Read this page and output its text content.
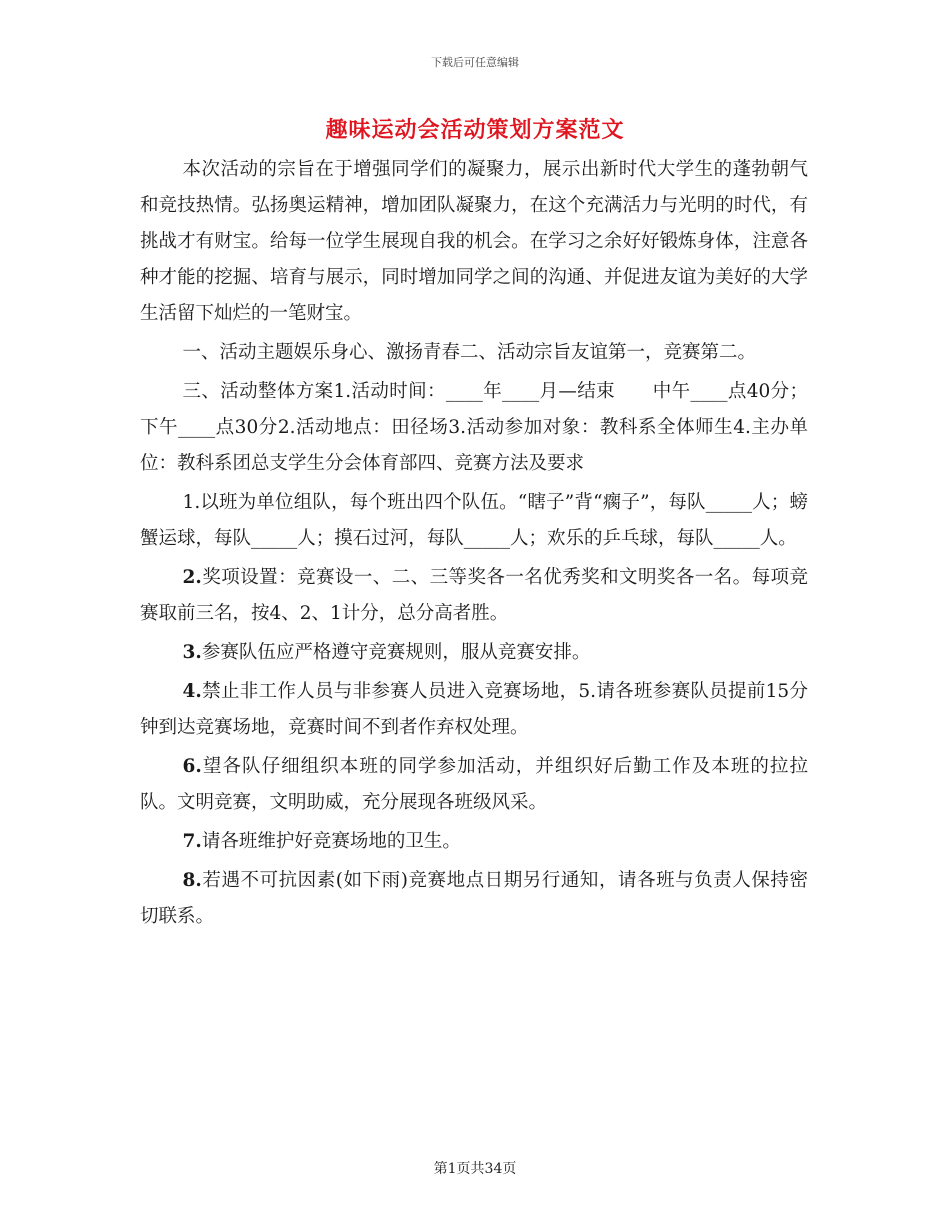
下载后可任意编辑
趣味运动会活动策划方案范文

本次活动的宗旨在于增强同学们的凝聚力，展示出新时代大学生的蓬勃朝气和竞技热情。弘扬奥运精神，增加团队凝聚力，在这个充满活力与光明的时代，有挑战才有财宝。给每一位学生展现自我的机会。在学习之余好好锻炼身体，注意各种才能的挖掘、培育与展示，同时增加同学之间的沟通、并促进友谊为美好的大学生活留下灿烂的一笔财宝。

一、活动主题娱乐身心、激扬青春二、活动宗旨友谊第一，竞赛第二。

三、活动整体方案1.活动时间：____年____月—结束　　中午____点40分；下午____点30分2.活动地点：田径场3.活动参加对象：教科系全体师生4.主办单位：教科系团总支学生分会体育部四、竞赛方法及要求

1.以班为单位组队，每个班出四个队伍。“瞎子”背“瘸子”，每队_____人；螃蟹运球，每队_____人；摸石过河，每队_____人；欢乐的乒乓球，每队_____人。

2.奖项设置：竞赛设一、二、三等奖各一名优秀奖和文明奖各一名。每项竞赛取前三名，按4、2、1计分，总分高者胜。

3.参赛队伍应严格遵守竞赛规则，服从竞赛安排。

4.禁止非工作人员与非参赛人员进入竞赛场地，5.请各班参赛队员提前15分钟到达竞赛场地，竞赛时间不到者作弃权处理。

6.望各队仔细组织本班的同学参加活动，并组织好后勤工作及本班的拉拉队。文明竞赛，文明助威，充分展现各班级风采。

7.请各班维护好竞赛场地的卫生。

8.若遇不可抗因素(如下雨)竞赛地点日期另行通知，请各班与负责人保持密切联系。

第1页共34页
